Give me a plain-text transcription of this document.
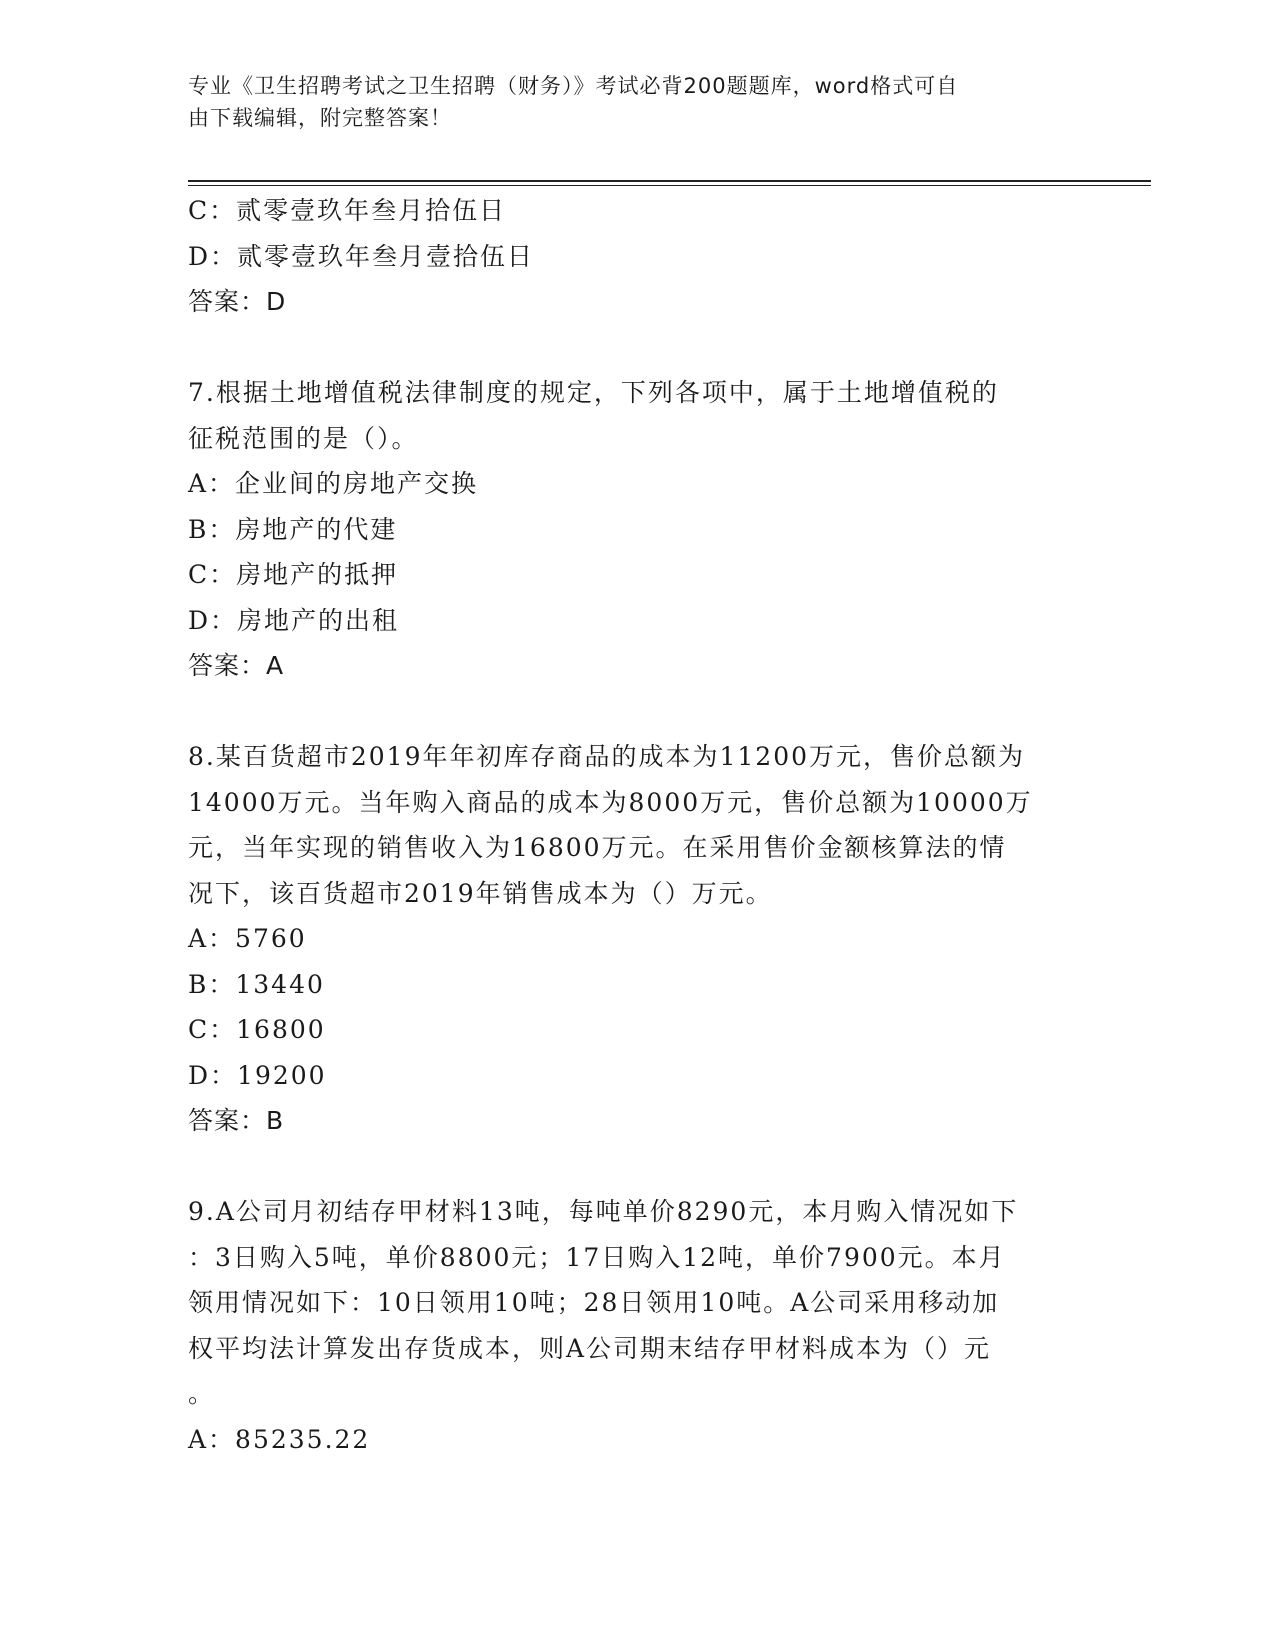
专业《卫生招聘考试之卫生招聘（财务）》考试必背200题题库，word格式可自
由下载编辑，附完整答案！
C：贰零壹玖年叁月拾伍日
D：贰零壹玖年叁月壹拾伍日
答案：D
7.根据土地增值税法律制度的规定，下列各项中，属于土地增值税的
征税范围的是（）。
A：企业间的房地产交换
B：房地产的代建
C：房地产的抵押
D：房地产的出租
答案：A
8.某百货超市2019年年初库存商品的成本为11200万元，售价总额为
14000万元。当年购入商品的成本为8000万元，售价总额为10000万
元，当年实现的销售收入为16800万元。在采用售价金额核算法的情
况下，该百货超市2019年销售成本为（）万元。
A：5760
B：13440
C：16800
D：19200
答案：B
9.A公司月初结存甲材料13吨，每吨单价8290元，本月购入情况如下
：3日购入5吨，单价8800元；17日购入12吨，单价7900元。本月
领用情况如下：10日领用10吨；28日领用10吨。A公司采用移动加
权平均法计算发出存货成本，则A公司期末结存甲材料成本为（）元
。
A：85235.22
